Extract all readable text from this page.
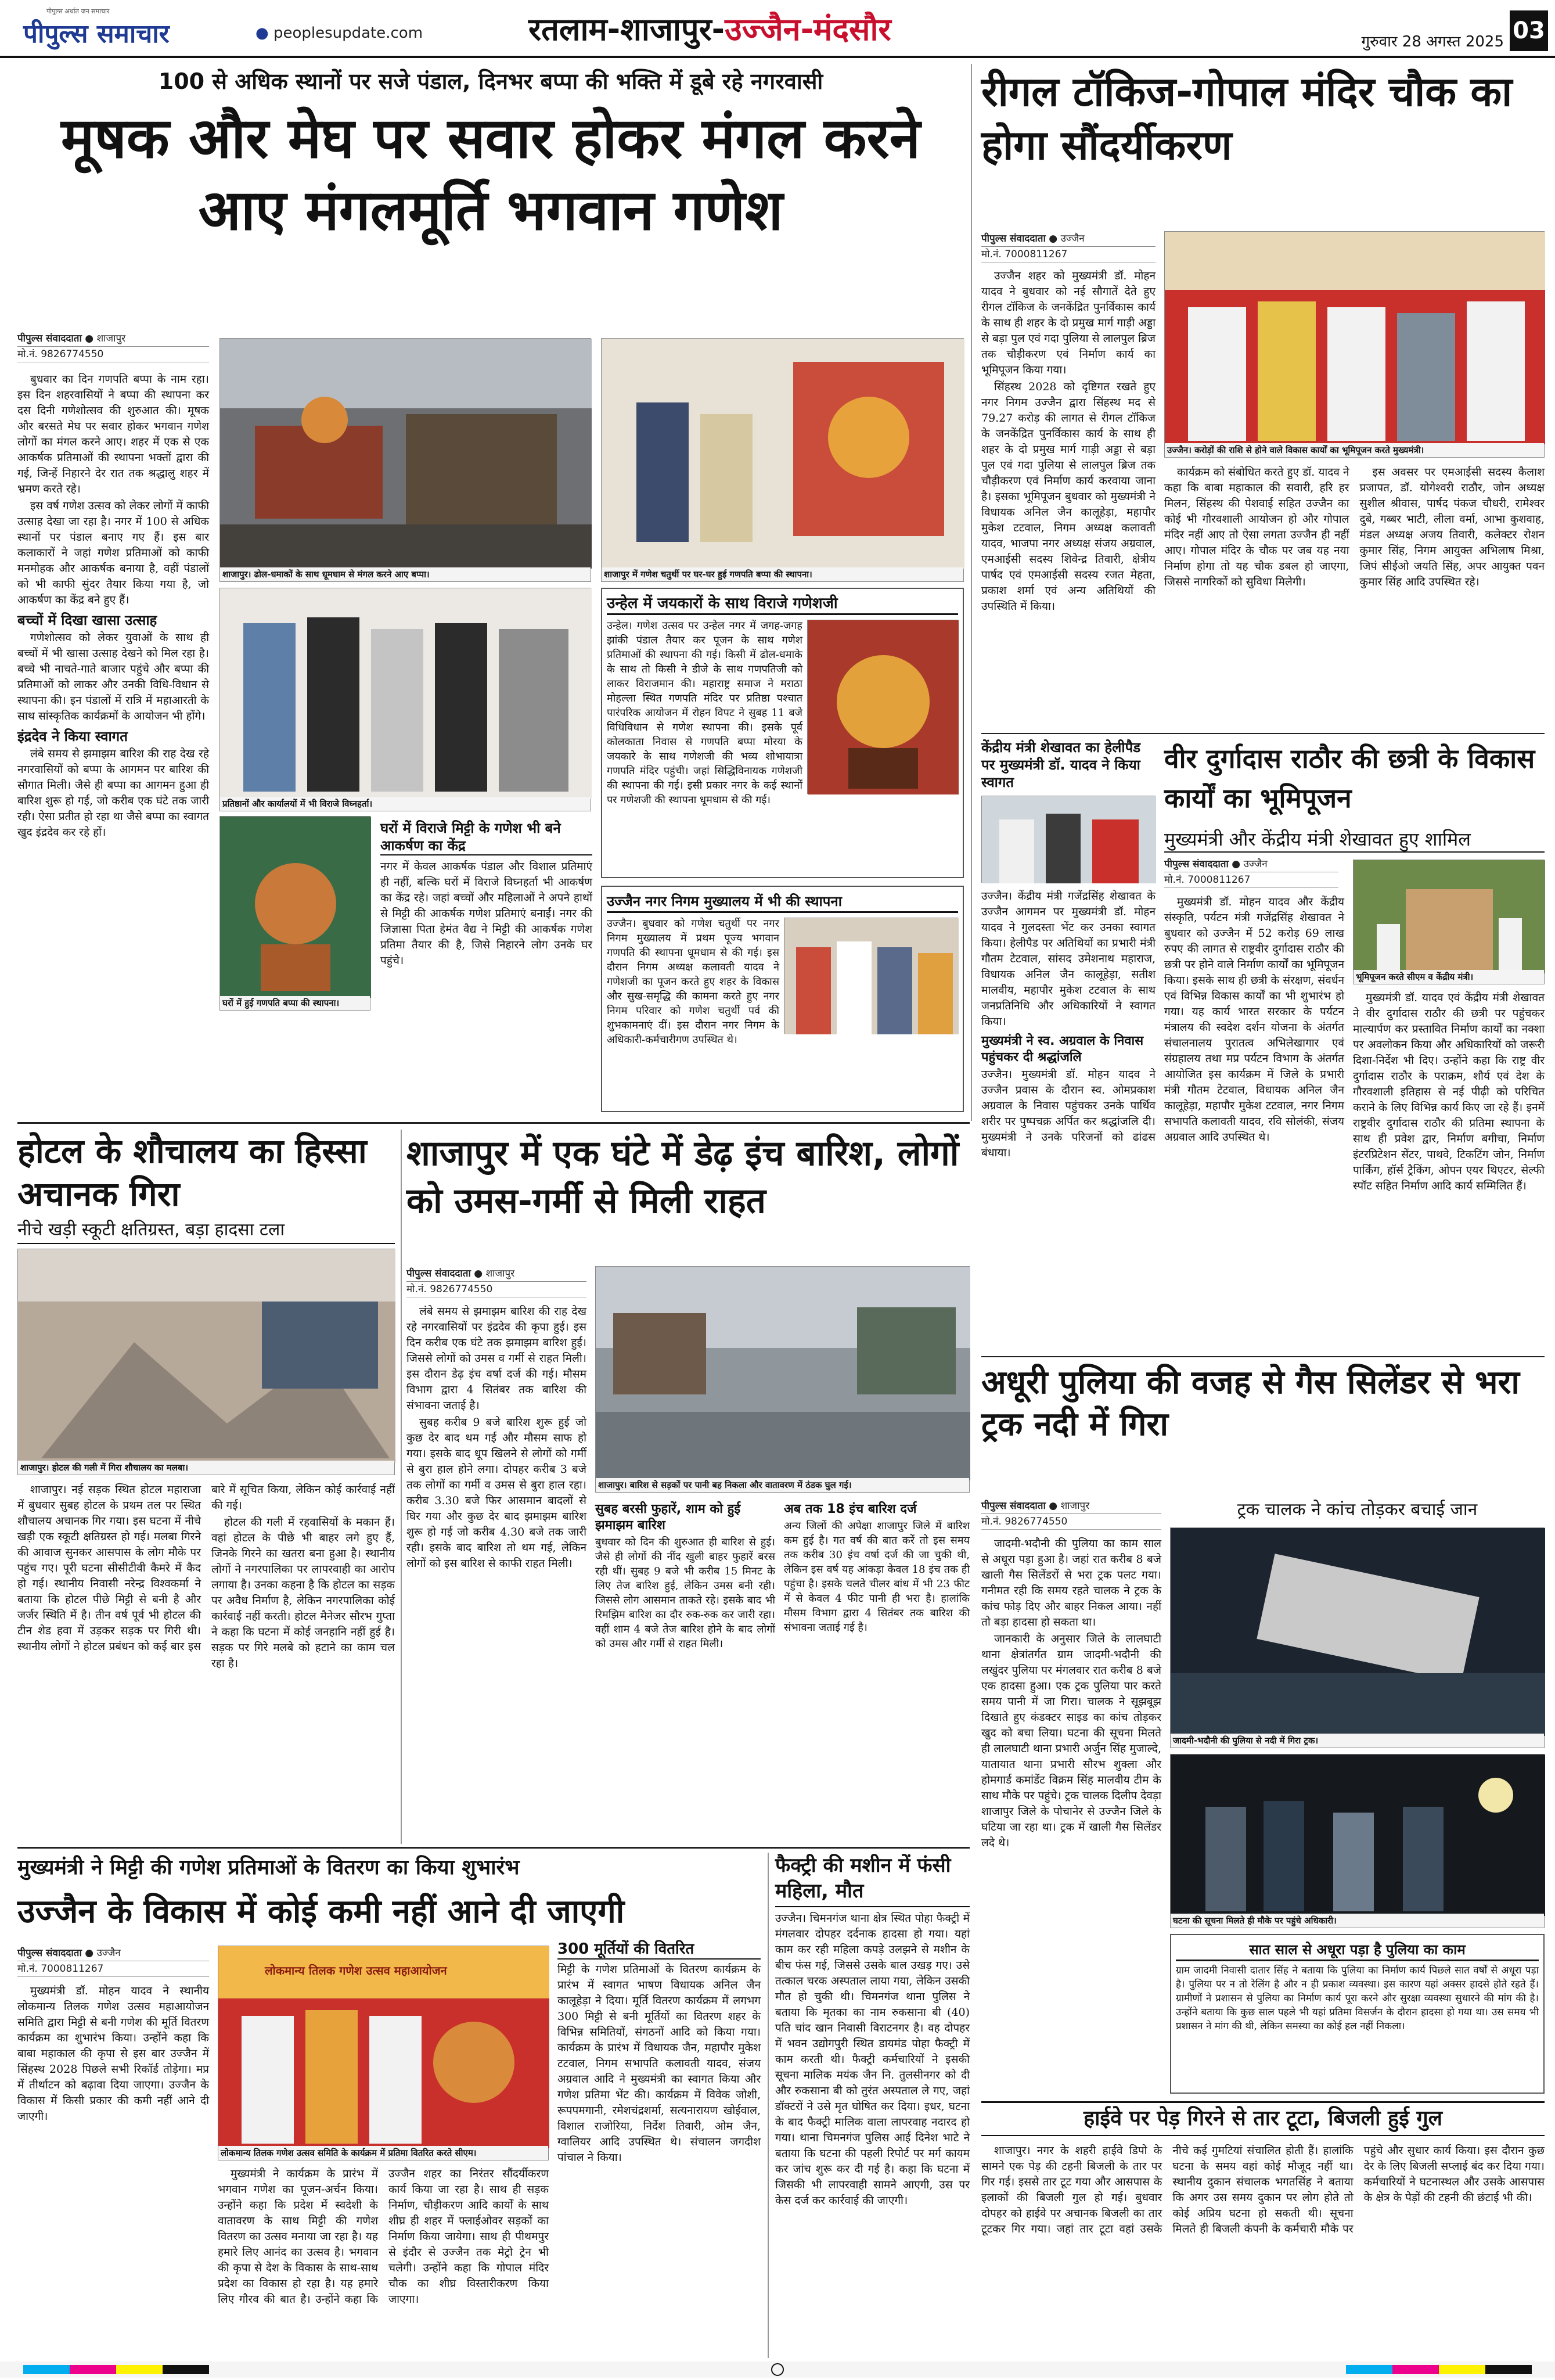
पीपुल्स अर्थात जन समाचार
पीपुल्स समाचार	● peoplesupdate.com	रतलाम-शाजापुर-उज्जैन-मंदसौर	गुरुवार 28 अगस्त 2025 03
100 से अधिक स्थानों पर सजे पंडाल, दिनभर बप्पा की भक्ति में डूबे रहे नगरवासी
मूषक और मेघ पर सवार होकर मंगल करने आए मंगलमूर्ति भगवान गणेश
पीपुल्स संवाददाता ● शाजापुर
मो.नं. 9826774550

बुधवार का दिन गणपति बप्पा के नाम रहा। इस दिन शहरवासियों ने बप्पा की स्थापना कर दस दिनी गणेशोत्सव की शुरुआत की। मूषक और बरसते मेघ पर सवार होकर भगवान गणेश लोगों का मंगल करने आए। शहर में एक से एक आकर्षक प्रतिमाओं की स्थापना भक्तों द्वारा की गई, जिन्हें निहारने देर रात तक श्रद्धालु शहर में भ्रमण करते रहे।

इस वर्ष गणेश उत्सव को लेकर लोगों में काफी उत्साह देखा जा रहा है। नगर में 100 से अधिक स्थानों पर पंडाल बनाए गए हैं। इस बार कलाकारों ने जहां गणेश प्रतिमाओं को काफी मनमोहक और आकर्षक बनाया है, वहीं पंडालों को भी काफी सुंदर तैयार किया गया है, जो आकर्षण का केंद्र बने हुए हैं।

बच्चों में दिखा खासा उत्साह

गणेशोत्सव को लेकर युवाओं के साथ ही बच्चों में भी खासा उत्साह देखने को मिल रहा है। बच्चे भी नाचते-गाते बाजार पहुंचे और बप्पा की प्रतिमाओं को लाकर और उनकी विधि-विधान से स्थापना की। इन पंडालों में रात्रि में महाआरती के साथ सांस्कृतिक कार्यक्रमों के आयोजन भी होंगे।

इंद्रदेव ने किया स्वागत

लंबे समय से झमाझम बारिश की राह देख रहे नगरवासियों को बप्पा के आगमन पर बारिश की सौगात मिली। जैसे ही बप्पा का आगमन हुआ ही बारिश शुरू हो गई, जो करीब एक घंटे तक जारी रही। ऐसा प्रतीत हो रहा था जैसे बप्पा का स्वागत खुद इंद्रदेव कर रहे हों।

शाजापुर। ढोल-धमाकों के साथ धूमधाम से मंगल करने आए बप्पा।	शाजापुर में गणेश चतुर्थी पर घर-घर हुई गणपति बप्पा की स्थापना।
प्रतिष्ठानों और कार्यालयों में भी विराजे विघ्नहर्ता।
उन्हेल में जयकारों के साथ विराजे गणेशजी
उन्हेल। गणेश उत्सव पर उन्हेल नगर में जगह-जगह झांकी पंडाल तैयार कर पूजन के साथ गणेश प्रतिमाओं की स्थापना की गई। किसी में ढोल-धमाके के साथ तो किसी ने डीजे के साथ गणपतिजी को लाकर विराजमान की। महाराष्ट्र समाज ने मराठा मोहल्ला स्थित गणपति मंदिर पर प्रतिष्ठा पश्चात पारंपरिक आयोजन में रोहन विपट ने सुबह 11 बजे विधिविधान से गणेश स्थापना की। इसके पूर्व कोलकाता निवास से गणपति बप्पा मोरया के जयकारे के साथ गणेशजी की भव्य शोभायात्रा गणपति मंदिर पहुंची। जहां सिद्धिविनायक गणेशजी की स्थापना की गई। इसी प्रकार नगर के कई स्थानों पर गणेशजी की स्थापना धूमधाम से की गई।
घरों में हुई गणपति बप्पा की स्थापना।
घरों में विराजे मिट्टी के गणेश भी बने आकर्षण का केंद्र
नगर में केवल आकर्षक पंडाल और विशाल प्रतिमाएं ही नहीं, बल्कि घरों में विराजे विघ्नहर्ता भी आकर्षण का केंद्र रहे। जहां बच्चों और महिलाओं ने अपने हाथों से मिट्टी की आकर्षक गणेश प्रतिमाएं बनाईं। नगर की जिज्ञासा पिता हेमंत वैद्य ने मिट्टी की आकर्षक गणेश प्रतिमा तैयार की है, जिसे निहारने लोग उनके घर पहुंचे।
उज्जैन नगर निगम मुख्यालय में भी की स्थापना
उज्जैन। बुधवार को गणेश चतुर्थी पर नगर निगम मुख्यालय में प्रथम पूज्य भगवान गणपति की स्थापना धूमधाम से की गई। इस दौरान निगम अध्यक्ष कलावती यादव ने गणेशजी का पूजन करते हुए शहर के विकास और सुख-समृद्धि की कामना करते हुए नगर निगम परिवार को गणेश चतुर्थी पर्व की शुभकामनाएं दीं। इस दौरान नगर निगम के अधिकारी-कर्मचारीगण उपस्थित थे।
रीगल टॉकिज-गोपाल मंदिर चौक का होगा सौंदर्यीकरण
पीपुल्स संवाददाता ● उज्जैन
मो.नं. 7000811267

उज्जैन शहर को मुख्यमंत्री डॉ. मोहन यादव ने बुधवार को नई सौगातें देते हुए रीगल टॉकिज के जनकेंद्रित पुनर्विकास कार्य के साथ ही शहर के दो प्रमुख मार्ग गाड़ी अड्डा से बड़ा पुल एवं गदा पुलिया से लालपुल ब्रिज तक चौड़ीकरण एवं निर्माण कार्य का भूमिपूजन किया गया।

सिंहस्थ 2028 को दृष्टिगत रखते हुए नगर निगम उज्जैन द्वारा सिंहस्थ मद से 79.27 करोड़ की लागत से रीगल टॉकिज के जनकेंद्रित पुनर्विकास कार्य के साथ ही शहर के दो प्रमुख मार्ग गाड़ी अड्डा से बड़ा पुल एवं गदा पुलिया से लालपुल ब्रिज तक चौड़ीकरण एवं निर्माण कार्य करवाया जाना है। इसका भूमिपूजन बुधवार को मुख्यमंत्री ने विधायक अनिल जैन कालूहेड़ा, महापौर मुकेश टटवाल, निगम अध्यक्ष कलावती यादव, भाजपा नगर अध्यक्ष संजय अग्रवाल, एमआईसी सदस्य शिवेन्द्र तिवारी, क्षेत्रीय पार्षद एवं एमआईसी सदस्य रजत मेहता, प्रकाश शर्मा एवं अन्य अतिथियों की उपस्थिति में किया।

उज्जैन। करोड़ों की राशि से होने वाले विकास कार्यों का भूमिपूजन करते मुख्यमंत्री।

कार्यक्रम को संबोधित करते हुए डॉ. यादव ने कहा कि बाबा महाकाल की सवारी, हरि हर मिलन, सिंहस्थ की पेशवाई सहित उज्जैन का कोई भी गौरवशाली आयोजन हो और गोपाल मंदिर नहीं आए तो ऐसा लगता उज्जैन ही नहीं आए। गोपाल मंदिर के चौक पर जब यह नया निर्माण होगा तो यह चौक डबल हो जाएगा, जिससे नागरिकों को सुविधा मिलेगी।

इस अवसर पर एमआईसी सदस्य कैलाश प्रजापत, डॉ. योगेश्वरी राठौर, जोन अध्यक्ष सुशील श्रीवास, पार्षद पंकज चौधरी, रामेश्वर दुबे, गब्बर भाटी, लीला वर्मा, आभा कुशवाह, मंडल अध्यक्ष अजय तिवारी, कलेक्टर रोशन कुमार सिंह, निगम आयुक्त अभिलाष मिश्रा, जिपं सीईओ जयति सिंह, अपर आयुक्त पवन कुमार सिंह आदि उपस्थित रहे।

केंद्रीय मंत्री शेखावत का हेलीपैड पर मुख्यमंत्री डॉ. यादव ने किया स्वागत
उज्जैन। केंद्रीय मंत्री गजेंद्रसिंह शेखावत के उज्जैन आगमन पर मुख्यमंत्री डॉ. मोहन यादव ने गुलदस्ता भेंट कर उनका स्वागत किया। हेलीपैड पर अतिथियों का प्रभारी मंत्री गौतम टेटवाल, सांसद उमेशनाथ महाराज, विधायक अनिल जैन कालूहेड़ा, सतीश मालवीय, महापौर मुकेश टटवाल के साथ जनप्रतिनिधि और अधिकारियों ने स्वागत किया।
मुख्यमंत्री ने स्व. अग्रवाल के निवास पहुंचकर दी श्रद्धांजलि
उज्जैन। मुख्यमंत्री डॉ. मोहन यादव ने उज्जैन प्रवास के दौरान स्व. ओमप्रकाश अग्रवाल के निवास पहुंचकर उनके पार्थिव शरीर पर पुष्पचक्र अर्पित कर श्रद्धांजलि दी। मुख्यमंत्री ने उनके परिजनों को ढांढस बंधाया।
वीर दुर्गादास राठौर की छत्री के विकास कार्यों का भूमिपूजन
मुख्यमंत्री और केंद्रीय मंत्री शेखावत हुए शामिल
पीपुल्स संवाददाता ● उज्जैन
मो.नं. 7000811267

मुख्यमंत्री डॉ. मोहन यादव और केंद्रीय संस्कृति, पर्यटन मंत्री गजेंद्रसिंह शेखावत ने बुधवार को उज्जैन में 52 करोड़ 69 लाख रुपए की लागत से राष्ट्रवीर दुर्गादास राठौर की छत्री पर होने वाले निर्माण कार्यों का भूमिपूजन किया। इसके साथ ही छत्री के संरक्षण, संवर्धन एवं विभिन्न विकास कार्यों का भी शुभारंभ हो गया। यह कार्य भारत सरकार के पर्यटन मंत्रालय की स्वदेश दर्शन योजना के अंतर्गत संचालनालय पुरातत्व अभिलेखागार एवं संग्रहालय तथा मप्र पर्यटन विभाग के अंतर्गत आयोजित इस कार्यक्रम में जिले के प्रभारी मंत्री गौतम टेटवाल, विधायक अनिल जैन कालूहेड़ा, महापौर मुकेश टटवाल, नगर निगम सभापति कलावती यादव, रवि सोलंकी, संजय अग्रवाल आदि उपस्थित थे।

भूमिपूजन करते सीएम व केंद्रीय मंत्री।

मुख्यमंत्री डॉ. यादव एवं केंद्रीय मंत्री शेखावत ने वीर दुर्गादास राठौर की छत्री पर पहुंचकर माल्यार्पण कर प्रस्तावित निर्माण कार्यों का नक्शा पर अवलोकन किया और अधिकारियों को जरूरी दिशा-निर्देश भी दिए। उन्होंने कहा कि राष्ट्र वीर दुर्गादास राठौर के पराक्रम, शौर्य एवं देश के गौरवशाली इतिहास से नई पीढ़ी को परिचित कराने के लिए विभिन्न कार्य किए जा रहे हैं। इनमें राष्ट्रवीर दुर्गादास राठौर की प्रतिमा स्थापना के साथ ही प्रवेश द्वार, निर्माण बगीचा, निर्माण इंटरप्रिटेशन सेंटर, पाथवे, टिकटिंग जोन, निर्माण पार्किंग, हॉर्स ट्रैकिंग, ओपन एयर थिएटर, सेल्फी स्पॉट सहित निर्माण आदि कार्य सम्मिलित हैं।

होटल के शौचालय का हिस्सा अचानक गिरा
नीचे खड़ी स्कूटी क्षतिग्रस्त, बड़ा हादसा टला
शाजापुर। होटल की गली में गिरा शौचालय का मलबा।

शाजापुर। नई सड़क स्थित होटल महाराजा में बुधवार सुबह होटल के प्रथम तल पर स्थित शौचालय अचानक गिर गया। इस घटना में नीचे खड़ी एक स्कूटी क्षतिग्रस्त हो गई। मलबा गिरने की आवाज सुनकर आसपास के लोग मौके पर पहुंच गए। पूरी घटना सीसीटीवी कैमरे में कैद हो गई। स्थानीय निवासी नरेन्द्र विश्वकर्मा ने बताया कि होटल पीछे मिट्टी से बनी है और जर्जर स्थिति में है। तीन वर्ष पूर्व भी होटल की टीन शेड हवा में उड़कर सड़क पर गिरी थी। स्थानीय लोगों ने होटल प्रबंधन को कई बार इस बारे में सूचित किया, लेकिन कोई कार्रवाई नहीं की गई।

होटल की गली में रहवासियों के मकान हैं। वहां होटल के पीछे भी बाहर लगे हुए हैं, जिनके गिरने का खतरा बना हुआ है। स्थानीय लोगों ने नगरपालिका पर लापरवाही का आरोप लगाया है। उनका कहना है कि होटल का सड़क पर अवैध निर्माण है, लेकिन नगरपालिका कोई कार्रवाई नहीं करती। होटल मैनेजर सौरभ गुप्ता ने कहा कि घटना में कोई जनहानि नहीं हुई है। सड़क पर गिरे मलबे को हटाने का काम चल रहा है।

शाजापुर में एक घंटे में डेढ़ इंच बारिश, लोगों को उमस-गर्मी से मिली राहत
पीपुल्स संवाददाता ● शाजापुर
मो.नं. 9826774550

लंबे समय से झमाझम बारिश की राह देख रहे नगरवासियों पर इंद्रदेव की कृपा हुई। इस दिन करीब एक घंटे तक झमाझम बारिश हुई। जिससे लोगों को उमस व गर्मी से राहत मिली। इस दौरान डेढ़ इंच वर्षा दर्ज की गई। मौसम विभाग द्वारा 4 सितंबर तक बारिश की संभावना जताई है।

सुबह करीब 9 बजे बारिश शुरू हुई जो कुछ देर बाद थम गई और मौसम साफ हो गया। इसके बाद धूप खिलने से लोगों को गर्मी से बुरा हाल होने लगा। दोपहर करीब 3 बजे तक लोगों का गर्मी व उमस से बुरा हाल रहा। करीब 3.30 बजे फिर आसमान बादलों से घिर गया और कुछ देर बाद झमाझम बारिश शुरू हो गई जो करीब 4.30 बजे तक जारी रही। इसके बाद बारिश तो थम गई, लेकिन लोगों को इस बारिश से काफी राहत मिली।

शाजापुर। बारिश से सड़कों पर पानी बह निकला और वातावरण में ठंडक घुल गई।
सुबह बरसी फुहारें, शाम को हुई झमाझम बारिश
बुधवार को दिन की शुरुआत ही बारिश से हुई। जैसे ही लोगों की नींद खुली बाहर फुहारें बरस रही थीं। सुबह 9 बजे भी करीब 15 मिनट के लिए तेज बारिश हुई, लेकिन उमस बनी रही। जिससे लोग आसमान ताकते रहे। इसके बाद भी रिमझिम बारिश का दौर रुक-रुक कर जारी रहा। वहीं शाम 4 बजे तेज बारिश होने के बाद लोगों को उमस और गर्मी से राहत मिली।
अब तक 18 इंच बारिश दर्ज
अन्य जिलों की अपेक्षा शाजापुर जिले में बारिश कम हुई है। गत वर्ष की बात करें तो इस समय तक करीब 30 इंच वर्षा दर्ज की जा चुकी थी, लेकिन इस वर्ष यह आंकड़ा केवल 18 इंच तक ही पहुंचा है। इसके चलते चीलर बांध में भी 23 फीट में से केवल 4 फीट पानी ही भरा है। हालांकि मौसम विभाग द्वारा 4 सितंबर तक बारिश की संभावना जताई गई है।
अधूरी पुलिया की वजह से गैस सिलेंडर से भरा ट्रक नदी में गिरा
पीपुल्स संवाददाता ● शाजापुर
मो.नं. 9826774550

जादमी-भदौनी की पुलिया का काम साल से अधूरा पड़ा हुआ है। जहां रात करीब 8 बजे खाली गैस सिलेंडरों से भरा ट्रक पलट गया। गनीमत रही कि समय रहते चालक ने ट्रक के कांच फोड़ दिए और बाहर निकल आया। नहीं तो बड़ा हादसा हो सकता था।

जानकारी के अनुसार जिले के लालघाटी थाना क्षेत्रांतर्गत ग्राम जादमी-भदौनी की लखुंदर पुलिया पर मंगलवार रात करीब 8 बजे एक हादसा हुआ। एक ट्रक पुलिया पार करते समय पानी में जा गिरा। चालक ने सूझबूझ दिखाते हुए कंडक्टर साइड का कांच तोड़कर खुद को बचा लिया। घटना की सूचना मिलते ही लालघाटी थाना प्रभारी अर्जुन सिंह मुजाल्दे, यातायात थाना प्रभारी सौरभ शुक्ला और होमगार्ड कमांडेंट विक्रम सिंह मालवीय टीम के साथ मौके पर पहुंचे। ट्रक चालक दिलीप देवड़ा शाजापुर जिले के पोचानेर से उज्जैन जिले के घटिया जा रहा था। ट्रक में खाली गैस सिलेंडर लदे थे।

ट्रक चालक ने कांच तोड़कर बचाई जान
जादमी-भदौनी की पुलिया से नदी में गिरा ट्रक।
घटना की सूचना मिलते ही मौके पर पहुंचे अधिकारी।
सात साल से अधूरा पड़ा है पुलिया का काम
ग्राम जादमी निवासी दातार सिंह ने बताया कि पुलिया का निर्माण कार्य पिछले सात वर्षों से अधूरा पड़ा है। पुलिया पर न तो रेलिंग है और न ही प्रकाश व्यवस्था। इस कारण यहां अक्सर हादसे होते रहते हैं। ग्रामीणों ने प्रशासन से पुलिया का निर्माण कार्य पूरा करने और सुरक्षा व्यवस्था सुधारने की मांग की है। उन्होंने बताया कि कुछ साल पहले भी यहां प्रतिमा विसर्जन के दौरान हादसा हो गया था। उस समय भी प्रशासन ने मांग की थी, लेकिन समस्या का कोई हल नहीं निकला।
मुख्यमंत्री ने मिट्टी की गणेश प्रतिमाओं के वितरण का किया शुभारंभ
उज्जैन के विकास में कोई कमी नहीं आने दी जाएगी
पीपुल्स संवाददाता ● उज्जैन
मो.नं. 7000811267

मुख्यमंत्री डॉ. मोहन यादव ने स्थानीय लोकमान्य तिलक गणेश उत्सव महाआयोजन समिति द्वारा मिट्टी से बनी गणेश की मूर्ति वितरण कार्यक्रम का शुभारंभ किया। उन्होंने कहा कि बाबा महाकाल की कृपा से इस बार उज्जैन में सिंहस्थ 2028 पिछले सभी रिकॉर्ड तोड़ेगा। मप्र में तीर्थाटन को बढ़ावा दिया जाएगा। उज्जैन के विकास में किसी प्रकार की कमी नहीं आने दी जाएगी।

लोकमान्य तिलक गणेश उत्सव महाआयोजन
लोकमान्य तिलक गणेश उत्सव समिति के कार्यक्रम में प्रतिमा वितरित करते सीएम।

मुख्यमंत्री ने कार्यक्रम के प्रारंभ में भगवान गणेश का पूजन-अर्चन किया। उन्होंने कहा कि प्रदेश में स्वदेशी के वातावरण के साथ मिट्टी की गणेश वितरण का उत्सव मनाया जा रहा है। यह हमारे लिए आनंद का उत्सव है। भगवान की कृपा से देश के विकास के साथ-साथ प्रदेश का विकास हो रहा है। यह हमारे लिए गौरव की बात है। उन्होंने कहा कि उज्जैन शहर का निरंतर सौंदर्यीकरण कार्य किया जा रहा है। साथ ही सड़क निर्माण, चौड़ीकरण आदि कार्यों के साथ शीघ्र ही शहर में फ्लाईओवर सड़कों का निर्माण किया जायेगा। साथ ही पीथमपुर से इंदौर से उज्जैन तक मेट्रो ट्रेन भी चलेगी। उन्होंने कहा कि गोपाल मंदिर चौक का शीघ्र विस्तारीकरण किया जाएगा।

300 मूर्तियों की वितरित
मिट्टी के गणेश प्रतिमाओं के वितरण कार्यक्रम के प्रारंभ में स्वागत भाषण विधायक अनिल जैन कालूहेड़ा ने दिया। मूर्ति वितरण कार्यक्रम में लगभग 300 मिट्टी से बनी मूर्तियों का वितरण शहर के विभिन्न समितियों, संगठनों आदि को किया गया। कार्यक्रम के प्रारंभ में विधायक जैन, महापौर मुकेश टटवाल, निगम सभापति कलावती यादव, संजय अग्रवाल आदि ने मुख्यमंत्री का स्वागत किया और गणेश प्रतिमा भेंट की। कार्यक्रम में विवेक जोशी, रूपपमगानी, रमेशचंद्रशर्मा, सत्यनारायण खोईवाल, विशाल राजोरिया, निर्देश तिवारी, ओम जैन, ग्वालियर आदि उपस्थित थे। संचालन जगदीश पांचाल ने किया।
फैक्ट्री की मशीन में फंसी महिला, मौत
उज्जैन। चिमनगंज थाना क्षेत्र स्थित पोहा फैक्ट्री में मंगलवार दोपहर दर्दनाक हादसा हो गया। यहां काम कर रही महिला कपड़े उलझने से मशीन के बीच फंस गई, जिससे उसके बाल उखड़ गए। उसे तत्काल चरक अस्पताल लाया गया, लेकिन उसकी मौत हो चुकी थी। चिमनगंज थाना पुलिस ने बताया कि मृतका का नाम रुकसाना बी (40) पति चांद खान निवासी विराटनगर है। वह दोपहर में भवन उद्योगपुरी स्थित डायमंड पोहा फैक्ट्री में काम करती थी। फैक्ट्री कर्मचारियों ने इसकी सूचना मालिक मयंक जैन नि. तुलसीनगर को दी और रुकसाना बी को तुरंत अस्पताल ले गए, जहां डॉक्टरों ने उसे मृत घोषित कर दिया। इधर, घटना के बाद फैक्ट्री मालिक वाला लापरवाह नदारद हो गया। थाना चिमनगंज पुलिस आई दिनेश भाटे ने बताया कि घटना की पहली रिपोर्ट पर मर्ग कायम कर जांच शुरू कर दी गई है। कहा कि घटना में जिसकी भी लापरवाही सामने आएगी, उस पर केस दर्ज कर कार्रवाई की जाएगी।
हाईवे पर पेड़ गिरने से तार टूटा, बिजली हुई गुल

शाजापुर। नगर के शहरी हाईवे डिपो के सामने एक पेड़ की टहनी बिजली के तार पर गिर गई। इससे तार टूट गया और आसपास के इलाकों की बिजली गुल हो गई। बुधवार दोपहर को हाईवे पर अचानक बिजली का तार टूटकर गिर गया। जहां तार टूटा वहां उसके नीचे कई गुमटियां संचालित होती हैं। हालांकि घटना के समय वहां कोई मौजूद नहीं था। स्थानीय दुकान संचालक भगतसिंह ने बताया कि अगर उस समय दुकान पर लोग होते तो कोई अप्रिय घटना हो सकती थी। सूचना मिलते ही बिजली कंपनी के कर्मचारी मौके पर पहुंचे और सुधार कार्य किया। इस दौरान कुछ देर के लिए बिजली सप्लाई बंद कर दिया गया। कर्मचारियों ने घटनास्थल और उसके आसपास के क्षेत्र के पेड़ों की टहनी की छंटाई भी की।
